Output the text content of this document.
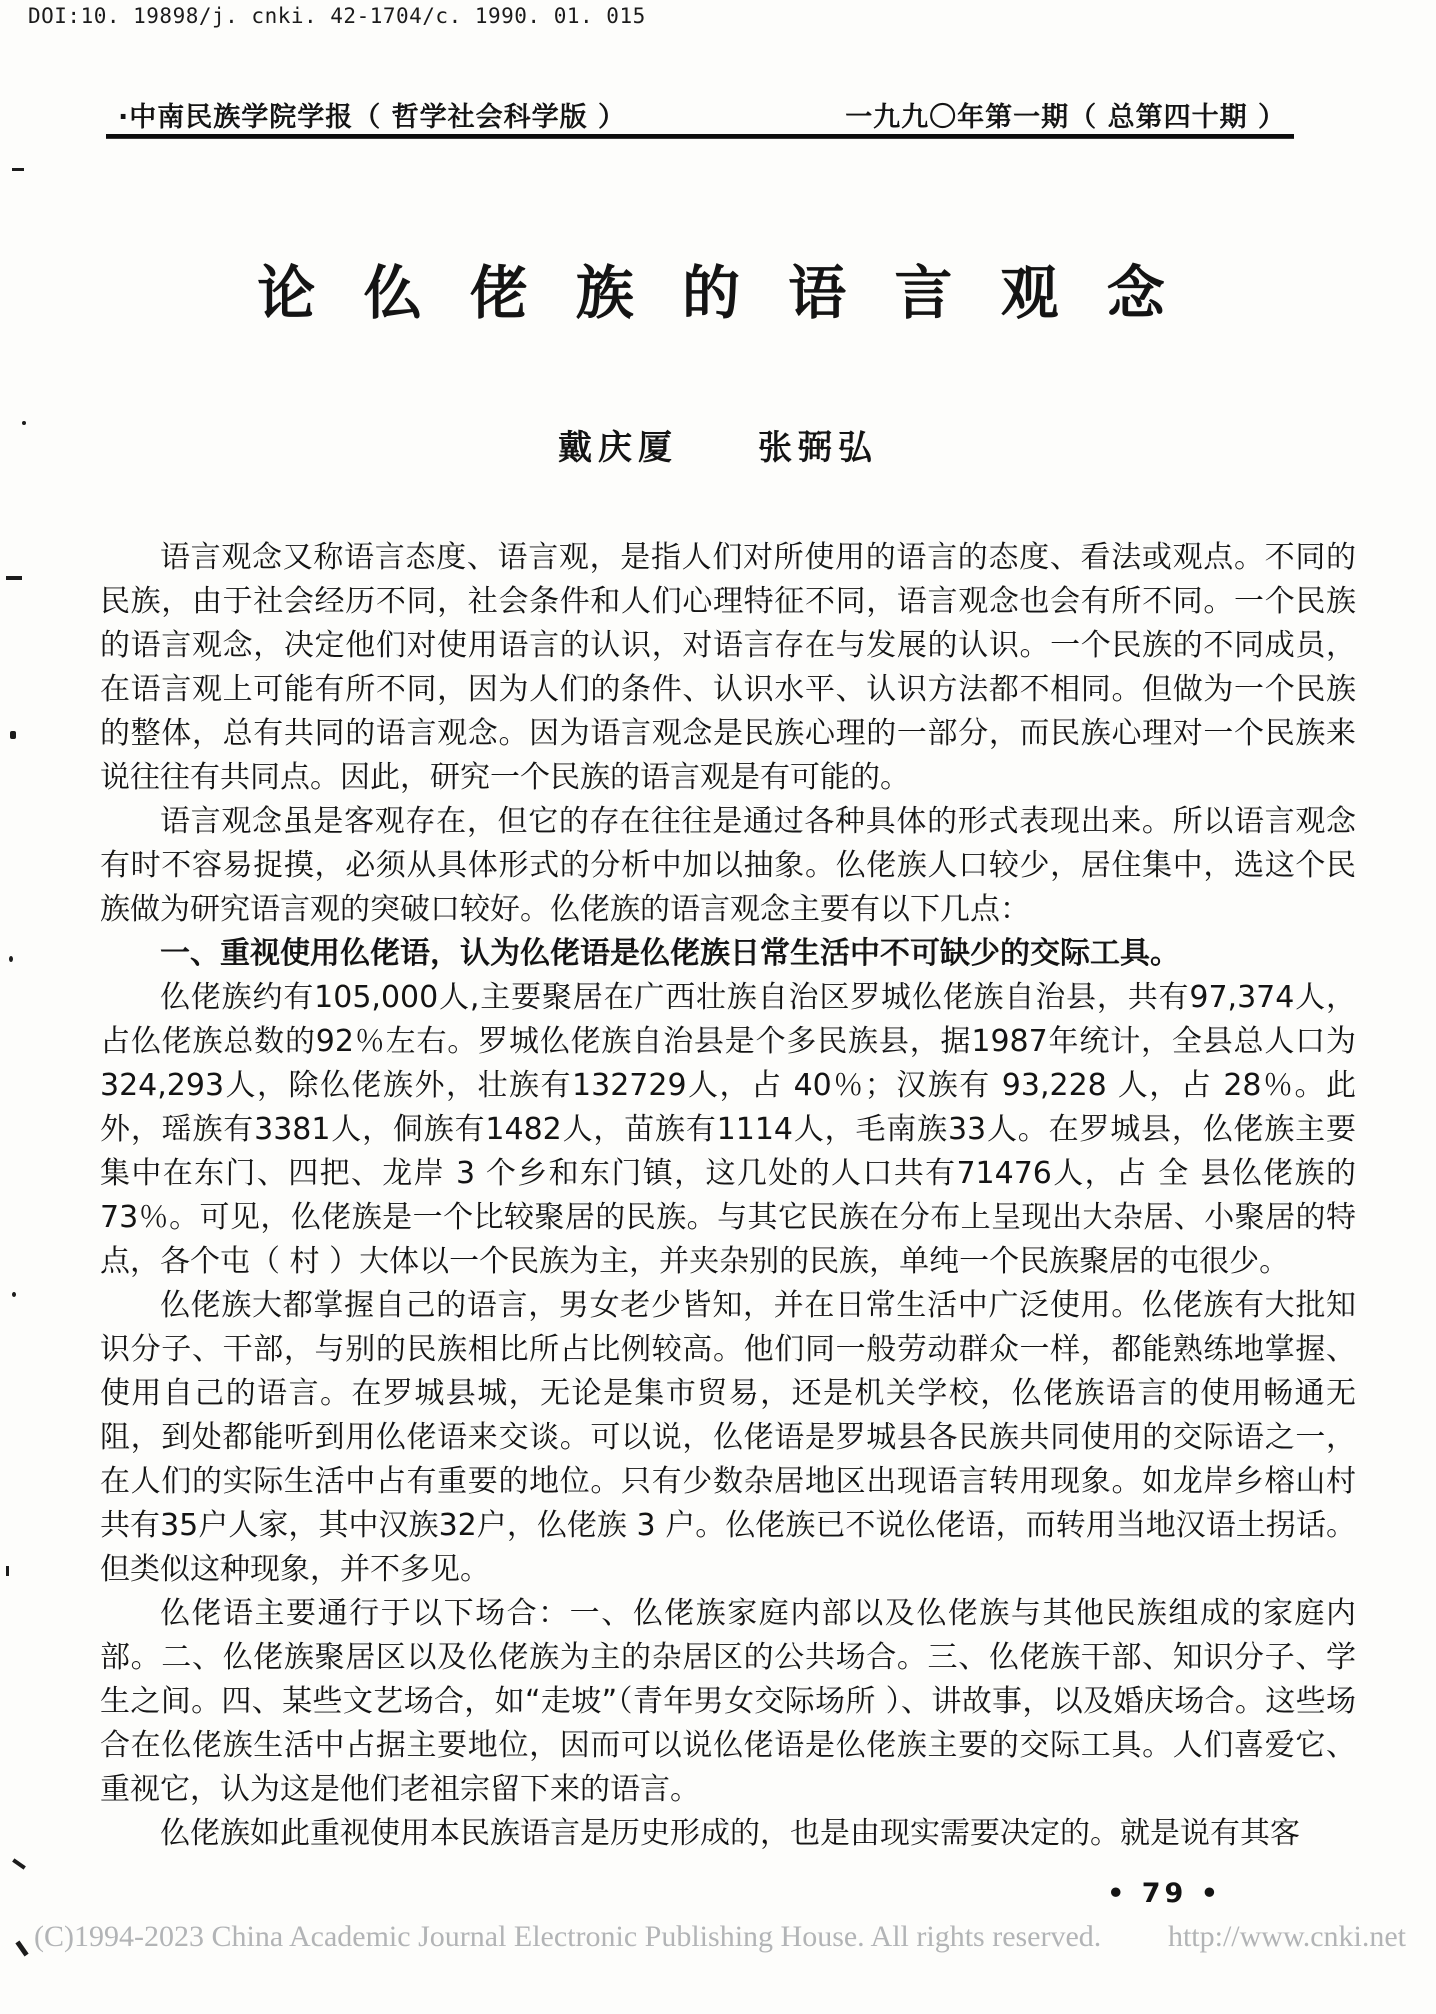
DOI:10. 19898/j. cnki. 42-1704/c. 1990. 01. 015
·中南民族学院学报（ 哲学社会科学版 ）	一九九〇年第一期（ 总第四十期 ）
论 仫 佬 族 的 语 言 观 念
戴庆厦　　张弼弘

语言观念又称语言态度、语言观，是指人们对所使用的语言的态度、看法或观点。不同的民族，由于社会经历不同，社会条件和人们心理特征不同，语言观念也会有所不同。一个民族的语言观念，决定他们对使用语言的认识，对语言存在与发展的认识。一个民族的不同成员，在语言观上可能有所不同，因为人们的条件、认识水平、认识方法都不相同。但做为一个民族的整体，总有共同的语言观念。因为语言观念是民族心理的一部分，而民族心理对一个民族来说往往有共同点。因此，研究一个民族的语言观是有可能的。

语言观念虽是客观存在，但它的存在往往是通过各种具体的形式表现出来。所以语言观念有时不容易捉摸，必须从具体形式的分析中加以抽象。仫佬族人口较少，居住集中，选这个民族做为研究语言观的突破口较好。仫佬族的语言观念主要有以下几点：

一、重视使用仫佬语，认为仫佬语是仫佬族日常生活中不可缺少的交际工具。

仫佬族约有105,000人,主要聚居在广西壮族自治区罗城仫佬族自治县，共有97,374人，占仫佬族总数的92％左右。罗城仫佬族自治县是个多民族县，据1987年统计，全县总人口为324,293人，除仫佬族外，壮族有132729人，占 40％；汉族有 93,228 人，占 28％。此 外，瑶族有3381人，侗族有1482人，苗族有1114人，毛南族33人。在罗城县，仫佬族主要集中在东门、四把、龙岸 3 个乡和东门镇，这几处的人口共有71476人，占 全 县仫佬族的73％。可见，仫佬族是一个比较聚居的民族。与其它民族在分布上呈现出大杂居、小聚居的特点，各个屯（ 村 ）大体以一个民族为主，并夹杂别的民族，单纯一个民族聚居的屯很少。

仫佬族大都掌握自己的语言，男女老少皆知，并在日常生活中广泛使用。仫佬族有大批知识分子、干部，与别的民族相比所占比例较高。他们同一般劳动群众一样，都能熟练地掌握、使用自己的语言。在罗城县城，无论是集市贸易，还是机关学校，仫佬族语言的使用畅通无阻，到处都能听到用仫佬语来交谈。可以说，仫佬语是罗城县各民族共同使用的交际语之一，在人们的实际生活中占有重要的地位。只有少数杂居地区出现语言转用现象。如龙岸乡榕山村共有35户人家，其中汉族32户，仫佬族 3 户。仫佬族已不说仫佬语，而转用当地汉语土拐话。但类似这种现象，并不多见。

仫佬语主要通行于以下场合：一、仫佬族家庭内部以及仫佬族与其他民族组成的家庭内部。二、仫佬族聚居区以及仫佬族为主的杂居区的公共场合。三、仫佬族干部、知识分子、学生之间。四、某些文艺场合，如“走坡”（青年男女交际场所 ）、讲故事，以及婚庆场合。这些场合在仫佬族生活中占据主要地位，因而可以说仫佬语是仫佬族主要的交际工具。人们喜爱它、重视它，认为这是他们老祖宗留下来的语言。

仫佬族如此重视使用本民族语言是历史形成的，也是由现实需要决定的。就是说有其客

• 79 •
(C)1994-2023 China Academic Journal Electronic Publishing House. All rights reserved. http://www.cnki.net
